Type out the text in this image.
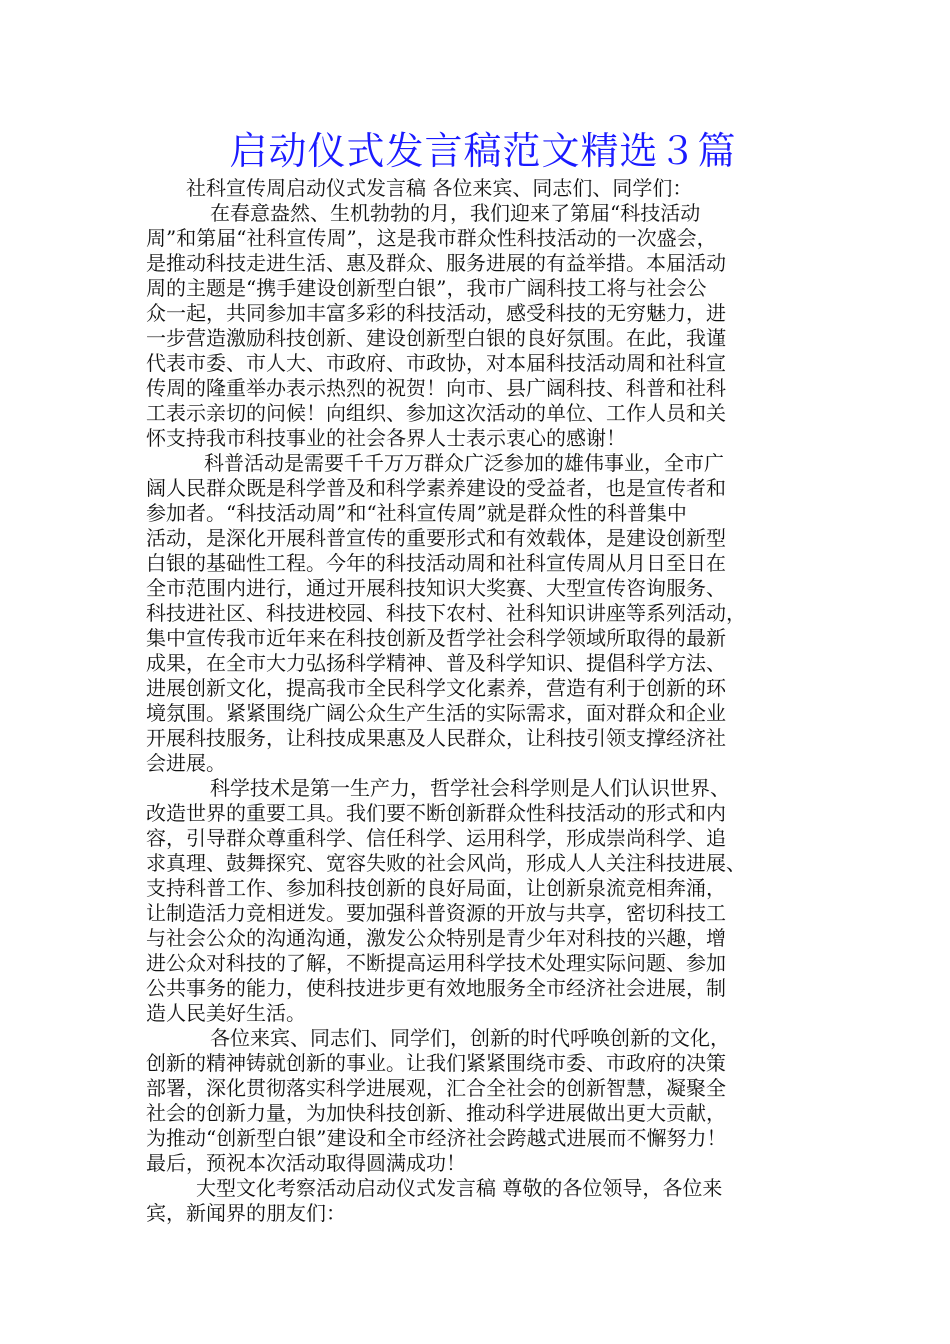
启动仪式发言稿范文精选３篇
社科宣传周启动仪式发言稿 各位来宾、同志们、同学们：
在春意盎然、生机勃勃的月，我们迎来了第届“科技活动
周”和第届“社科宣传周”，这是我市群众性科技活动的一次盛会，
是推动科技走进生活、惠及群众、服务进展的有益举措。本届活动
周的主题是“携手建设创新型白银”，我市广阔科技工将与社会公
众一起，共同参加丰富多彩的科技活动，感受科技的无穷魅力，进
一步营造激励科技创新、建设创新型白银的良好氛围。在此，我谨
代表市委、市人大、市政府、市政协，对本届科技活动周和社科宣
传周的隆重举办表示热烈的祝贺！向市、县广阔科技、科普和社科
工表示亲切的问候！向组织、参加这次活动的单位、工作人员和关
怀支持我市科技事业的社会各界人士表示衷心的感谢！
科普活动是需要千千万万群众广泛参加的雄伟事业，全市广
阔人民群众既是科学普及和科学素养建设的受益者，也是宣传者和
参加者。“科技活动周”和“社科宣传周”就是群众性的科普集中
活动，是深化开展科普宣传的重要形式和有效载体，是建设创新型
白银的基础性工程。今年的科技活动周和社科宣传周从月日至日在
全市范围内进行，通过开展科技知识大奖赛、大型宣传咨询服务、
科技进社区、科技进校园、科技下农村、社科知识讲座等系列活动，
集中宣传我市近年来在科技创新及哲学社会科学领域所取得的最新
成果，在全市大力弘扬科学精神、普及科学知识、提倡科学方法、
进展创新文化，提高我市全民科学文化素养，营造有利于创新的环
境氛围。紧紧围绕广阔公众生产生活的实际需求，面对群众和企业
开展科技服务，让科技成果惠及人民群众，让科技引领支撑经济社
会进展。
科学技术是第一生产力，哲学社会科学则是人们认识世界、
改造世界的重要工具。我们要不断创新群众性科技活动的形式和内
容，引导群众尊重科学、信任科学、运用科学，形成崇尚科学、追
求真理、鼓舞探究、宽容失败的社会风尚，形成人人关注科技进展、
支持科普工作、参加科技创新的良好局面，让创新泉流竞相奔涌，
让制造活力竞相迸发。要加强科普资源的开放与共享，密切科技工
与社会公众的沟通沟通，激发公众特别是青少年对科技的兴趣，增
进公众对科技的了解，不断提高运用科学技术处理实际问题、参加
公共事务的能力，使科技进步更有效地服务全市经济社会进展，制
造人民美好生活。
各位来宾、同志们、同学们，创新的时代呼唤创新的文化，
创新的精神铸就创新的事业。让我们紧紧围绕市委、市政府的决策
部署，深化贯彻落实科学进展观，汇合全社会的创新智慧，凝聚全
社会的创新力量，为加快科技创新、推动科学进展做出更大贡献，
为推动“创新型白银”建设和全市经济社会跨越式进展而不懈努力！
最后，预祝本次活动取得圆满成功！
大型文化考察活动启动仪式发言稿 尊敬的各位领导，各位来
宾，新闻界的朋友们：
